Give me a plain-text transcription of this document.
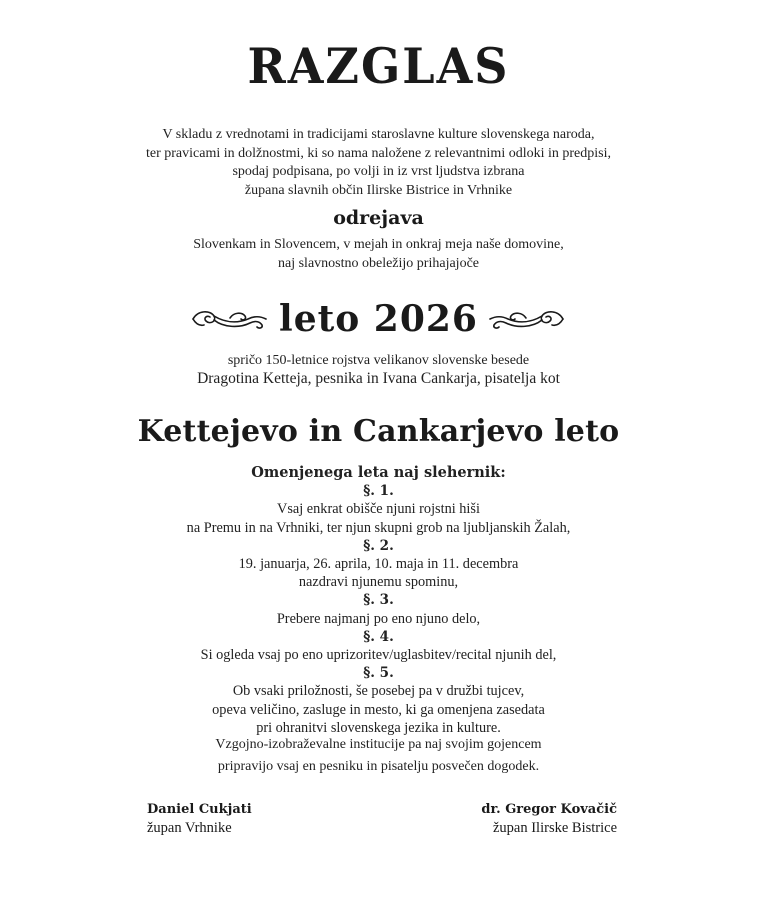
RAZGLAS
V skladu z vrednotami in tradicijami staroslavne kulture slovenskega naroda,
ter pravicami in dolžnostmi, ki so nama naložene z relevantnimi odloki in predpisi,
spodaj podpisana, po volji in iz vrst ljudstva izbrana
župana slavnih občin Ilirske Bistrice in Vrhnike
odrejava
Slovenkam in Slovencem, v mejah in onkraj meja naše domovine,
naj slavnostno obeležijo prihajajoče
leto 2026
spričo 150-letnice rojstva velikanov slovenske besede
Dragotina Ketteja, pesnika in Ivana Cankarja, pisatelja kot
Kettejevo in Cankarjevo leto
Omenjenega leta naj slehernik:
§. 1.
Vsaj enkrat obišče njuni rojstni hiši
na Premu in na Vrhniki, ter njun skupni grob na ljubljanskih Žalah,
§. 2.
19. januarja, 26. aprila, 10. maja in 11. decembra
nazdravi njunemu spominu,
§. 3.
Prebere najmanj po eno njuno delo,
§. 4.
Si ogleda vsaj po eno uprizoritev/uglasbitev/recital njunih del,
§. 5.
Ob vsaki priložnosti, še posebej pa v družbi tujcev,
opeva veličino, zasluge in mesto, ki ga omenjena zasedata
pri ohranitvi slovenskega jezika in kulture.
Vzgojno-izobraževalne institucije pa naj svojim gojencem
pripravijo vsaj en pesniku in pisatelju posvečen dogodek.
Daniel Cukjati
župan Vrhnike
dr. Gregor Kovačič
župan Ilirske Bistrice
